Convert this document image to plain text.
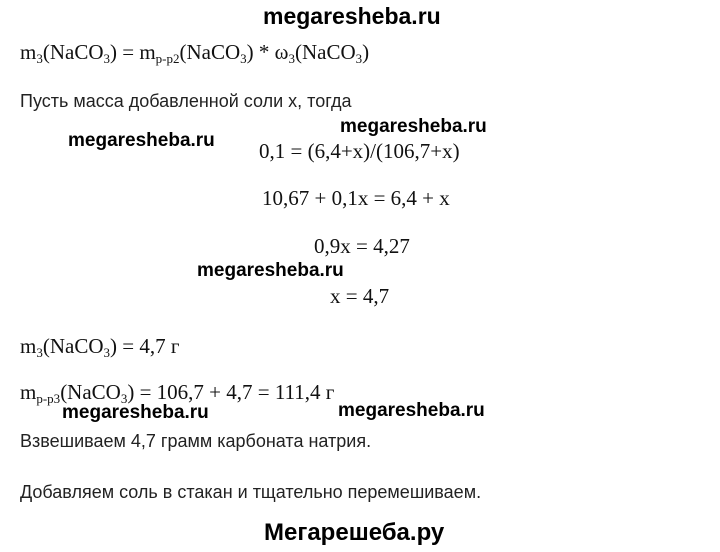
megaresheba.ru
$m_3(NaCO_3)$ = $m_{р-р2}(NaCO_3)$ * $\omega_3(NaCO_3)$
Пусть масса добавленной соли x, тогда
megaresheba.ru
megaresheba.ru 0,1 = (6,4+x)/(106,7+x)
10,67 + 0,1x = 6,4 + x
0,9x = 4,27
megaresheba.ru
x = 4,7
$m_3(NaCO_3) = 4,7$ г
$m_{р-р3}(NaCO_3) = 106,7 + 4,7 = 111,4$ г
megaresheba.ru	megaresheba.ru
Взвешиваем 4,7 грамм карбоната натрия.
Добавляем соль в стакан и тщательно перемешиваем.
Мегарешеба.ру
